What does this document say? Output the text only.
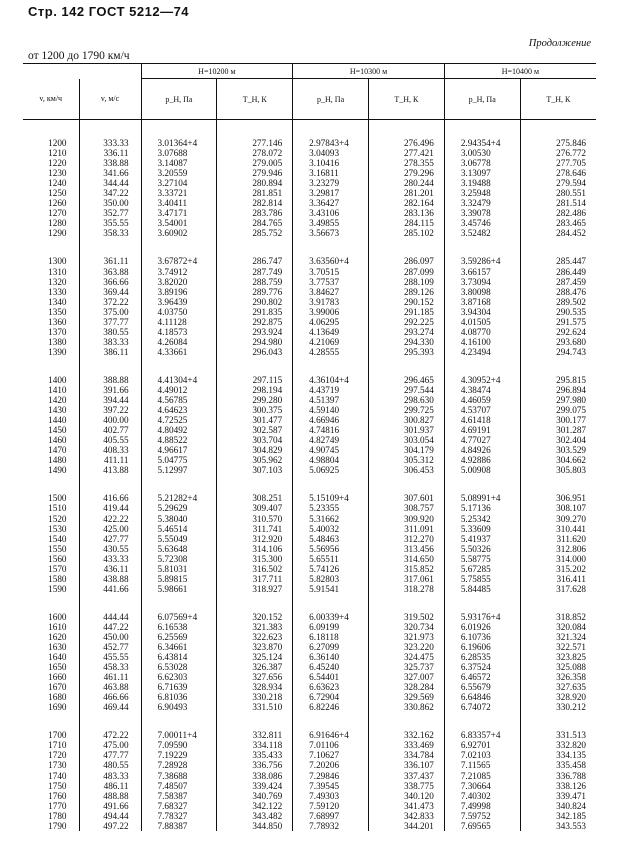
Стр. 142 ГОСТ 5212—74
Продолжение
от 1200 до 1790 км/ч
		H=10200 м		H=10300 м		H=10400 м	
v, км/ч	v, м/с	p_H, Па	T_H, К	p_H, Па	T_H, К	p_H, Па	T_H, К

1200	333.33	3.01364+4	277.146	2.97843+4	276.496	2.94354+4	275.846
1210	336.11	3.07688	278.072	3.04093	277.421	3.00530	276.772
1220	338.88	3.14087	279.005	3.10416	278.355	3.06778	277.705
1230	341.66	3.20559	279.946	3.16811	279.296	3.13097	278.646
1240	344.44	3.27104	280.894	3.23279	280.244	3.19488	279.594
1250	347.22	3.33721	281.851	3.29817	281.201	3.25948	280.551
1260	350.00	3.40411	282.814	3.36427	282.164	3.32479	281.514
1270	352.77	3.47171	283.786	3.43106	283.136	3.39078	282.486
1280	355.55	3.54001	284.765	3.49855	284.115	3.45746	283.465
1290	358.33	3.60902	285.752	3.56673	285.102	3.52482	284.452

1300	361.11	3.67872+4	286.747	3.63560+4	286.097	3.59286+4	285.447
1310	363.88	3.74912	287.749	3.70515	287.099	3.66157	286.449
1320	366.66	3.82020	288.759	3.77537	288.109	3.73094	287.459
1330	369.44	3.89196	289.776	3.84627	289.126	3.80098	288.476
1340	372.22	3.96439	290.802	3.91783	290.152	3.87168	289.502
1350	375.00	4.03750	291.835	3.99006	291.185	3.94304	290.535
1360	377.77	4.11128	292.875	4.06295	292.225	4.01505	291.575
1370	380.55	4.18573	293.924	4.13649	293.274	4.08770	292.624
1380	383.33	4.26084	294.980	4.21069	294.330	4.16100	293.680
1390	386.11	4.33661	296.043	4.28555	295.393	4.23494	294.743

1400	388.88	4.41304+4	297.115	4.36104+4	296.465	4.30952+4	295.815
1410	391.66	4.49012	298.194	4.43719	297.544	4.38474	296.894
1420	394.44	4.56785	299.280	4.51397	298.630	4.46059	297.980
1430	397.22	4.64623	300.375	4.59140	299.725	4.53707	299.075
1440	400.00	4.72525	301.477	4.66946	300.827	4.61418	300.177
1450	402.77	4.80492	302.587	4.74816	301.937	4.69191	301.287
1460	405.55	4.88522	303.704	4.82749	303.054	4.77027	302.404
1470	408.33	4.96617	304.829	4.90745	304.179	4.84926	303.529
1480	411.11	5.04775	305.962	4.98804	305.312	4.92886	304.662
1490	413.88	5.12997	307.103	5.06925	306.453	5.00908	305.803

1500	416.66	5.21282+4	308.251	5.15109+4	307.601	5.08991+4	306.951
1510	419.44	5.29629	309.407	5.23355	308.757	5.17136	308.107
1520	422.22	5.38040	310.570	5.31662	309.920	5.25342	309.270
1530	425.00	5.46514	311.741	5.40032	311.091	5.33609	310.441
1540	427.77	5.55049	312.920	5.48463	312.270	5.41937	311.620
1550	430.55	5.63648	314.106	5.56956	313.456	5.50326	312.806
1560	433.33	5.72308	315.300	5.65511	314.650	5.58775	314.000
1570	436.11	5.81031	316.502	5.74126	315.852	5.67285	315.202
1580	438.88	5.89815	317.711	5.82803	317.061	5.75855	316.411
1590	441.66	5.98661	318.927	5.91541	318.278	5.84485	317.628

1600	444.44	6.07569+4	320.152	6.00339+4	319.502	5.93176+4	318.852
1610	447.22	6.16538	321.383	6.09199	320.734	6.01926	320.084
1620	450.00	6.25569	322.623	6.18118	321.973	6.10736	321.324
1630	452.77	6.34661	323.870	6.27099	323.220	6.19606	322.571
1640	455.55	6.43814	325.124	6.36140	324.475	6.28535	323.825
1650	458.33	6.53028	326.387	6.45240	325.737	6.37524	325.088
1660	461.11	6.62303	327.656	6.54401	327.007	6.46572	326.358
1670	463.88	6.71639	328.934	6.63623	328.284	6.55679	327.635
1680	466.66	6.81036	330.218	6.72904	329.569	6.64846	328.920
1690	469.44	6.90493	331.510	6.82246	330.862	6.74072	330.212

1700	472.22	7.00011+4	332.811	6.91646+4	332.162	6.83357+4	331.513
1710	475.00	7.09590	334.118	7.01106	333.469	6.92701	332.820
1720	477.77	7.19229	335.433	7.10627	334.784	7.02103	334.135
1730	480.55	7.28928	336.756	7.20206	336.107	7.11565	335.458
1740	483.33	7.38688	338.086	7.29846	337.437	7.21085	336.788
1750	486.11	7.48507	339.424	7.39545	338.775	7.30664	338.126
1760	488.88	7.58387	340.769	7.49303	340.120	7.40302	339.471
1770	491.66	7.68327	342.122	7.59120	341.473	7.49998	340.824
1780	494.44	7.78327	343.482	7.68997	342.833	7.59752	342.185
1790	497.22	7.88387	344.850	7.78932	344.201	7.69565	343.553
